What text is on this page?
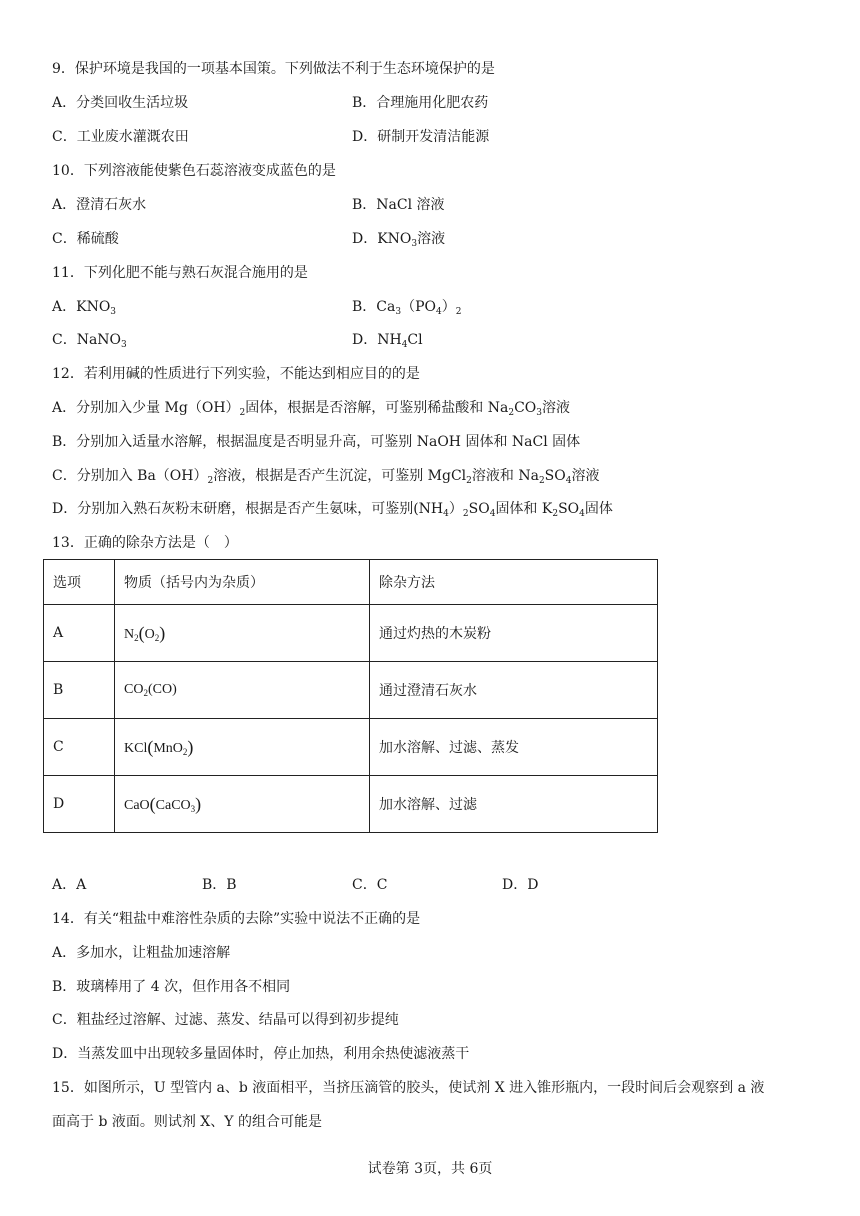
9．保护环境是我国的一项基本国策。下列做法不利于生态环境保护的是
A．分类回收生活垃圾	B．合理施用化肥农药
C．工业废水灌溉农田	D．研制开发清洁能源
10．下列溶液能使紫色石蕊溶液变成蓝色的是
A．澄清石灰水	B．NaCl 溶液
C．稀硫酸	D．$KNO_3$溶液
11．下列化肥不能与熟石灰混合施用的是
A．$KNO_3$	B．$Ca_3(PO_4)_2$
C．NaNO$_3$	D．$NH_4Cl$
12．若利用碱的性质进行下列实验，不能达到相应目的的是
A．分别加入少量 $Mg(OH)_2$固体，根据是否溶解，可鉴别稀盐酸和 $Na_2CO_3$溶液
B．分别加入适量水溶解，根据温度是否明显升高，可鉴别 NaOH 固体和 NaCl 固体
C．分别加入 $Ba(OH)_2$溶液，根据是否产生沉淀，可鉴别 MgCl$_2$溶液和 $Na_2SO_4$溶液
D．分别加入熟石灰粉末研磨，根据是否产生氨味，可鉴别$(NH_4)_2SO_4$固体和 $K_2SO_4$固体
13．正确的除杂方法是（　）
选项	物质（括号内为杂质）	除杂方法
A	$N_2(O_2)$	通过灼热的木炭粉
B	$CO_2(CO)$	通过澄清石灰水
C	KCl(MnO$_2$)	加水溶解、过滤、蒸发
D	CaO(CaCO$_3$)	加水溶解、过滤
A．A	B．B	C．C	D．D
14．有关“粗盐中难溶性杂质的去除”实验中说法不正确的是
A．多加水，让粗盐加速溶解
B．玻璃棒用了 4 次，但作用各不相同
C．粗盐经过溶解、过滤、蒸发、结晶可以得到初步提纯
D．当蒸发皿中出现较多量固体时，停止加热，利用余热使滤液蒸干
15．如图所示，U 型管内 a、b 液面相平，当挤压滴管的胶头，使试剂 X 进入锥形瓶内，一段时间后会观察到 a 液
面高于 b 液面。则试剂 X、Y 的组合可能是
试卷第 3页，共 6页
